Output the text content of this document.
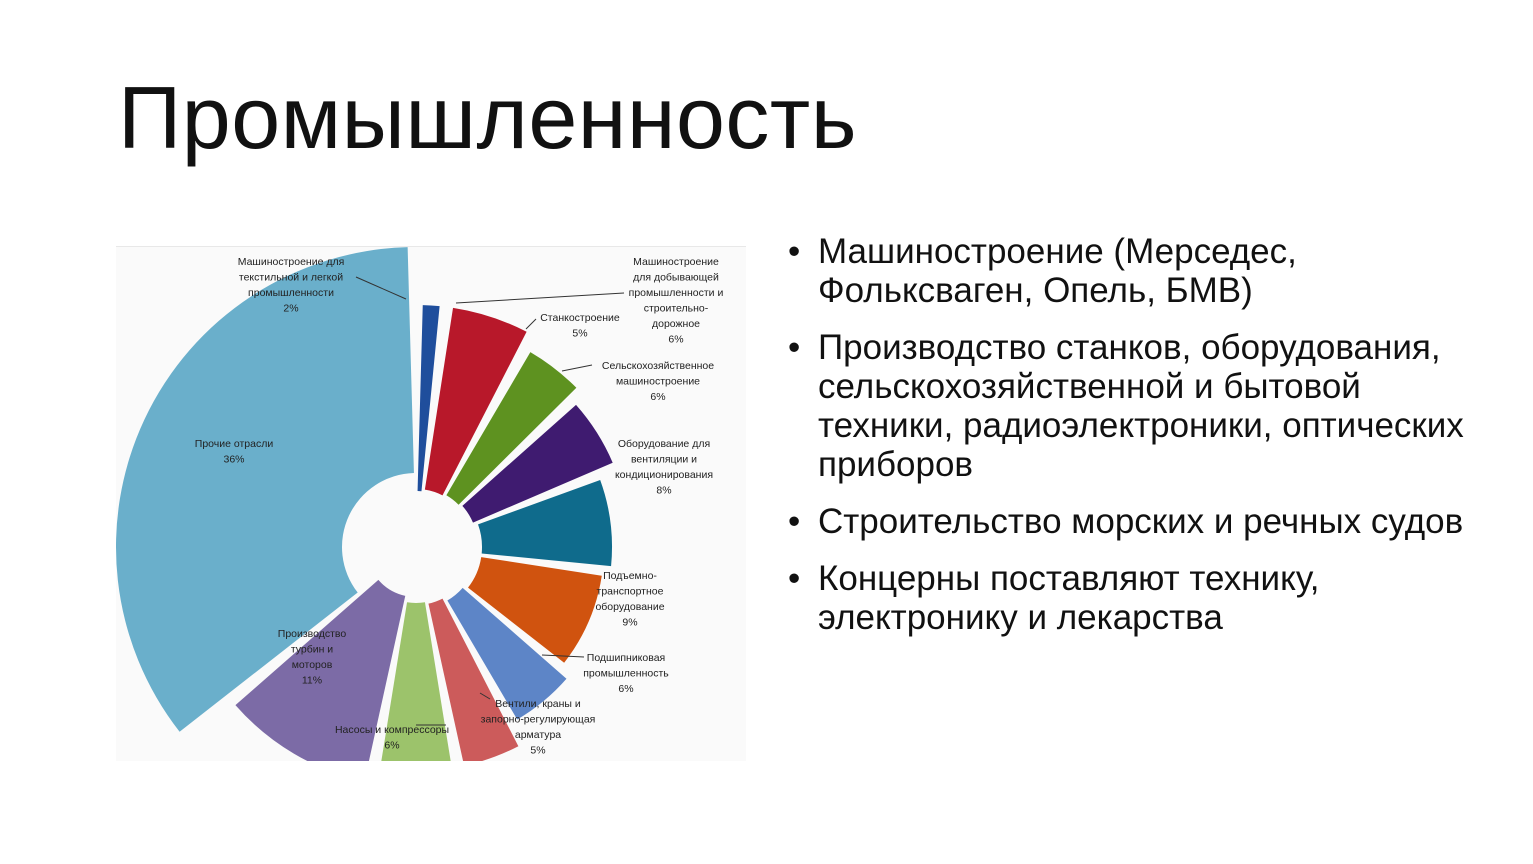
Промышленность
Машиностроение для текстильной и легкой промышленности 2%
Машиностроение для добывающей промышленности и строительно-дорожное 6%
Станкостроение 5%
Сельскохозяйственное машиностроение 6%
Оборудование для вентиляции и кондиционирования 8%
Подъемно-транспортное оборудование 9%
Подшипниковая промышленность 6%
Вентили, краны и запорно-регулирующая арматура 5%
Насосы и компрессоры 6%
Производство турбин и моторов 11%
Прочие отрасли 36%
• Машиностроение (Мерседес, Фольксваген, Опель, БМВ)
• Производство станков, оборудования, сельскохозяйственной и бытовой техники, радиоэлектроники, оптических приборов
• Строительство морских и речных судов
• Концерны поставляют технику, электронику и лекарства
